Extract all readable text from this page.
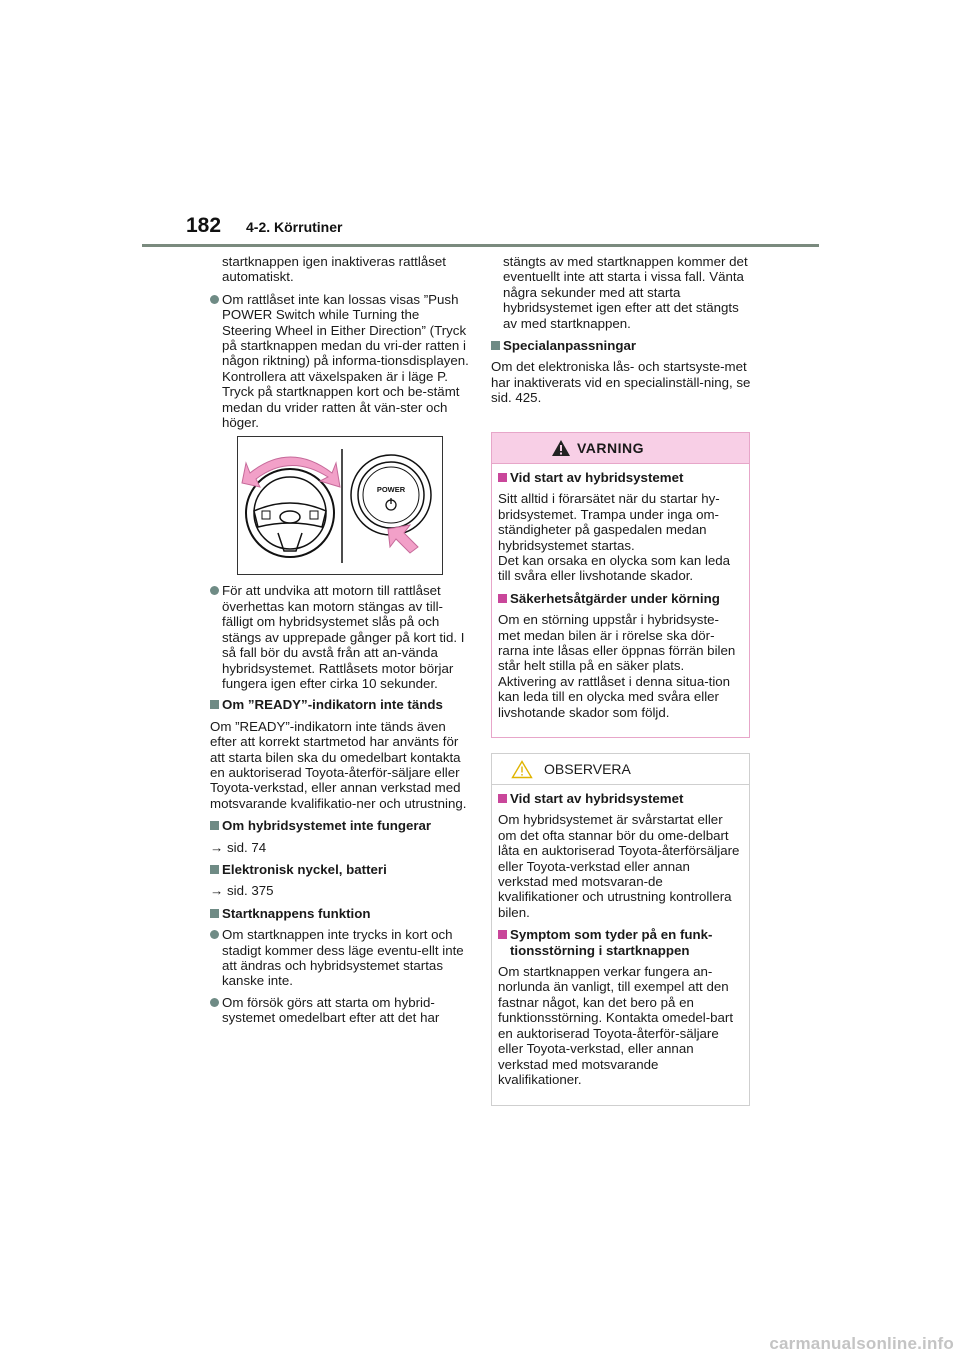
182 4-2. Körrutiner

startknappen igen inaktiveras rattlåset automatiskt.

Om rattlåset inte kan lossas visas ”Push POWER Switch while Turning the Steering Wheel in Either Direction” (Tryck på startknappen medan du vri-der ratten i någon riktning) på informa-tionsdisplayen.
Kontrollera att växelspaken är i läge P. Tryck på startknappen kort och be-stämt medan du vrider ratten åt vän-ster och höger.
POWER
För att undvika att motorn till rattlåset överhettas kan motorn stängas av till-fälligt om hybridsystemet slås på och stängs av upprepade gånger på kort tid. I så fall bör du avstå från att an-vända hybridsystemet. Rattlåsets motor börjar fungera igen efter cirka 10 sekunder.
Om ”READY”-indikatorn inte tänds

Om ”READY”-indikatorn inte tänds även efter att korrekt startmetod har använts för att starta bilen ska du omedelbart kontakta en auktoriserad Toyota-återför-säljare eller Toyota-verkstad, eller annan verkstad med motsvarande kvalifikatio-ner och utrustning.

Om hybridsystemet inte fungerar

→ sid. 74

Elektronisk nyckel, batteri

→ sid. 375

Startknappens funktion
Om startknappen inte trycks in kort och stadigt kommer dess läge eventu-ellt inte att ändras och hybridsystemet startas kanske inte.
Om försök görs att starta om hybrid-systemet omedelbart efter att det har

stängts av med startknappen kommer det eventuellt inte att starta i vissa fall. Vänta några sekunder med att starta hybridsystemet igen efter att det stängts av med startknappen.

Specialanpassningar

Om det elektroniska lås- och startsyste-met har inaktiverats vid en specialinställ-ning, se sid. 425.

VARNING
Vid start av hybridsystemet

Sitt alltid i förarsätet när du startar hy-bridsystemet. Trampa under inga om-ständigheter på gaspedalen medan hybridsystemet startas.
Det kan orsaka en olycka som kan leda till svåra eller livshotande skador.

Säkerhetsåtgärder under körning

Om en störning uppstår i hybridsyste-met medan bilen är i rörelse ska dör-rarna inte låsas eller öppnas förrän bilen står helt stilla på en säker plats. Aktivering av rattlåset i denna situa-tion kan leda till en olycka med svåra eller livshotande skador som följd.

OBSERVERA
Vid start av hybridsystemet

Om hybridsystemet är svårstartat eller om det ofta stannar bör du ome-delbart låta en auktoriserad Toyota-återförsäljare eller Toyota-verkstad eller annan verkstad med motsvaran-de kvalifikationer och utrustning kontrollera bilen.

Symptom som tyder på en funk-tionsstörning i startknappen

Om startknappen verkar fungera an-norlunda än vanligt, till exempel att den fastnar något, kan det bero på en funktionsstörning. Kontakta omedel-bart en auktoriserad Toyota-återför-säljare eller Toyota-verkstad, eller annan verkstad med motsvarande kvalifikationer.

carmanualsonline.info
